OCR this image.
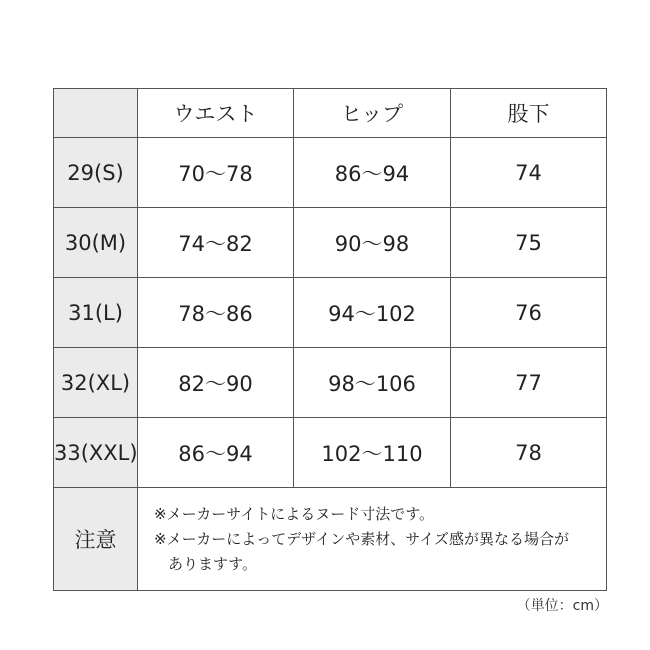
	ウエスト	ヒップ	股下
29(S)	70〜78	86〜94	74
30(M)	74〜82	90〜98	75
31(L)	78〜86	94〜102	76
32(XL)	82〜90	98〜106	77
33(XXL)	86〜94	102〜110	78
注意	※メーカーサイトによるヌード寸法です。
※メーカーによってデザインや素材、サイズ感が異なる場合が
ありますす。		
（単位：cm）
